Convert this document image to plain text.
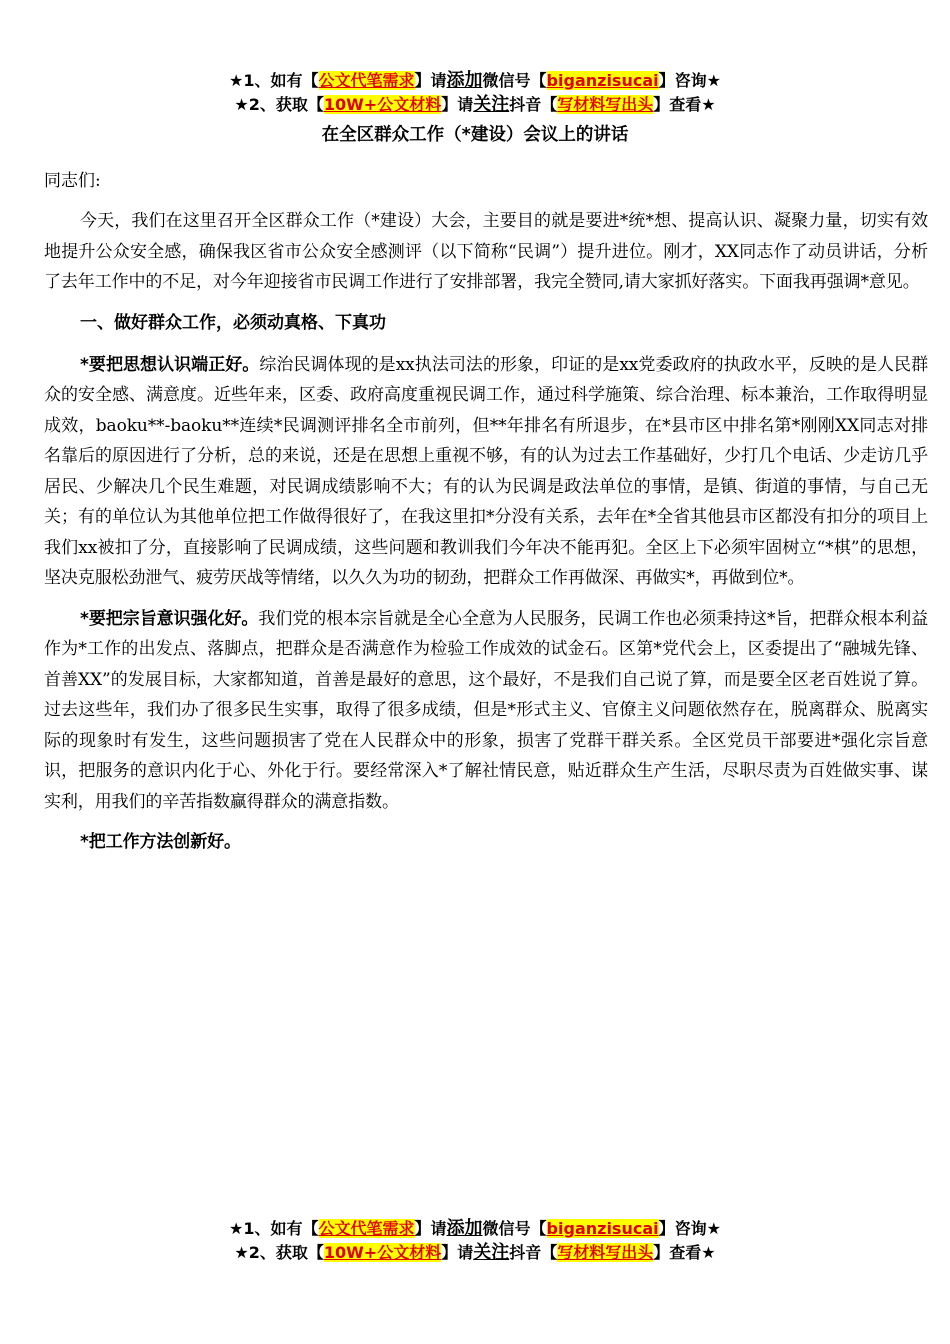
★1、如有【公文代笔需求】请添加微信号【biganzisucai】咨询★
★2、获取【10W+公文材料】请关注抖音【写材料写出头】查看★
在全区群众工作（*建设）会议上的讲话

同志们:

今天，我们在这里召开全区群众工作（*建设）大会，主要目的就是要进*统*想、提高认识、凝聚力量，切实有效地提升公众安全感，确保我区省市公众安全感测评（以下简称“民调”）提升进位。刚才，XX同志作了动员讲话，分析了去年工作中的不足，对今年迎接省市民调工作进行了安排部署，我完全赞同,请大家抓好落实。下面我再强调*意见。

一、做好群众工作，必须动真格、下真功

*要把思想认识端正好。综治民调体现的是xx执法司法的形象，印证的是xx党委政府的执政水平，反映的是人民群众的安全感、满意度。近些年来，区委、政府高度重视民调工作，通过科学施策、综合治理、标本兼治，工作取得明显成效，baoku**-baoku**连续*民调测评排名全市前列，但**年排名有所退步，在*县市区中排名第*刚刚XX同志对排名靠后的原因进行了分析，总的来说，还是在思想上重视不够，有的认为过去工作基础好，少打几个电话、少走访几乎居民、少解决几个民生难题，对民调成绩影响不大；有的认为民调是政法单位的事情，是镇、街道的事情，与自己无关；有的单位认为其他单位把工作做得很好了，在我这里扣*分没有关系，去年在*全省其他县市区都没有扣分的项目上我们xx被扣了分，直接影响了民调成绩，这些问题和教训我们今年决不能再犯。全区上下必须牢固树立“*棋”的思想，坚决克服松劲泄气、疲劳厌战等情绪，以久久为功的韧劲，把群众工作再做深、再做实*，再做到位*。

*要把宗旨意识强化好。我们党的根本宗旨就是全心全意为人民服务，民调工作也必须秉持这*旨，把群众根本利益作为*工作的出发点、落脚点，把群众是否满意作为检验工作成效的试金石。区第*党代会上，区委提出了“融城先锋、首善XX”的发展目标，大家都知道，首善是最好的意思，这个最好，不是我们自己说了算，而是要全区老百姓说了算。过去这些年，我们办了很多民生实事，取得了很多成绩，但是*形式主义、官僚主义问题依然存在，脱离群众、脱离实际的现象时有发生，这些问题损害了党在人民群众中的形象，损害了党群干群关系。全区党员干部要进*强化宗旨意识，把服务的意识内化于心、外化于行。要经常深入*了解社情民意，贴近群众生产生活，尽职尽责为百姓做实事、谋实利，用我们的辛苦指数赢得群众的满意指数。

*把工作方法创新好。

★1、如有【公文代笔需求】请添加微信号【biganzisucai】咨询★
★2、获取【10W+公文材料】请关注抖音【写材料写出头】查看★
